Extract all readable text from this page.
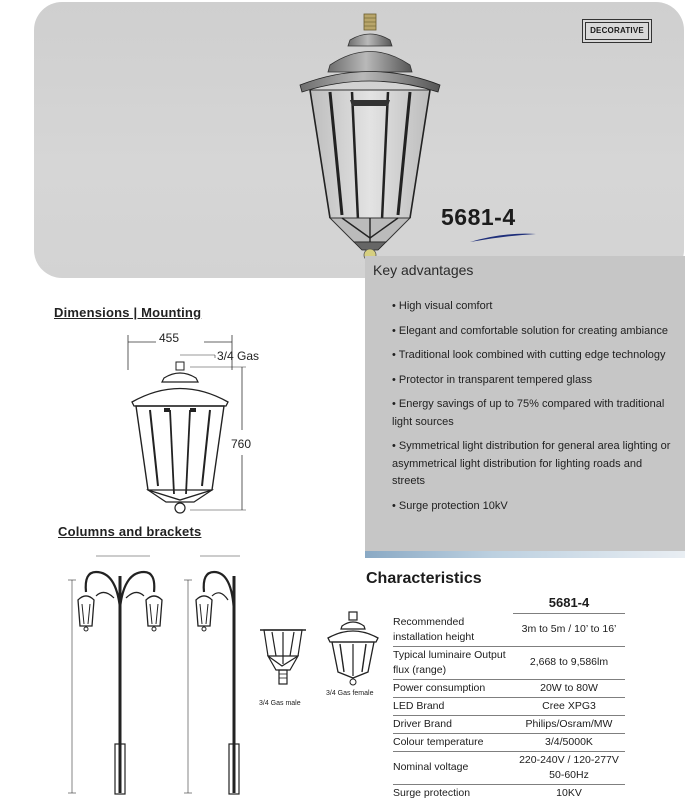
DECORATIVE
5681-4
Key advantages
• High visual comfort
• Elegant and comfortable solution for creating ambiance
• Traditional look combined with cutting edge technology
• Protector in transparent tempered glass
• Energy savings of up to 75% compared with traditional light sources
• Symmetrical light distribution for general area lighting or asymmetrical light distribution for lighting roads and streets
• Surge protection 10kV
Dimensions | Mounting
455
3/4 Gas
760
Columns and brackets
3/4 Gas male
3/4 Gas female
Characteristics
	5681-4
Recommended installation height	3m to 5m / 10’ to 16’
Typical luminaire Output flux (range)	2,668 to 9,586lm
Power consumption	20W to 80W
LED Brand	Cree XPG3
Driver Brand	Philips/Osram/MW
Colour temperature	3/4/5000K
Nominal voltage	220-240V / 120-277V 50-60Hz
Surge protection	10KV
